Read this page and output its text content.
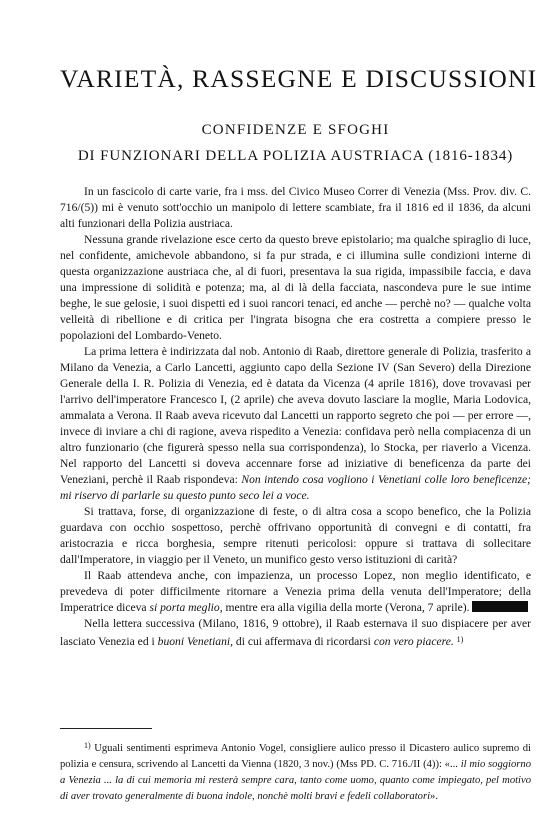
VARIETÀ, RASSEGNE E DISCUSSIONI
CONFIDENZE E SFOGHI
DI FUNZIONARI DELLA POLIZIA AUSTRIACA (1816-1834)

In un fascicolo di carte varie, fra i mss. del Civico Museo Correr di Venezia (Mss. Prov. div. C. 716/(5)) mi è venuto sott'occhio un manipolo di lettere scambiate, fra il 1816 ed il 1836, da alcuni alti funzionari della Polizia austriaca.

Nessuna grande rivelazione esce certo da questo breve epistolario; ma qualche spiraglio di luce, nel confidente, amichevole abbandono, si fa pur strada, e ci illumina sulle condizioni interne di questa organizzazione austriaca che, al di fuori, presentava la sua rigida, impassibile faccia, e dava una impressione di solidità e potenza; ma, al di là della facciata, nascondeva pure le sue intime beghe, le sue gelosie, i suoi dispetti ed i suoi rancori tenaci, ed anche — perchè no? — qualche volta velleità di ribellione e di critica per l'ingrata bisogna che era costretta a compiere presso le popolazioni del Lombardo-Veneto.

La prima lettera è indirizzata dal nob. Antonio di Raab, direttore generale di Polizia, trasferito a Milano da Venezia, a Carlo Lancetti, aggiunto capo della Sezione IV (San Severo) della Direzione Generale della I. R. Polizia di Venezia, ed è datata da Vicenza (4 aprile 1816), dove trovavasi per l'arrivo dell'imperatore Francesco I, (2 aprile) che aveva dovuto lasciare la moglie, Maria Lodovica, ammalata a Verona. Il Raab aveva ricevuto dal Lancetti un rapporto segreto che poi — per errore —, invece di inviare a chi di ragione, aveva rispedito a Venezia: confidava però nella compiacenza di un altro funzionario (che figurerà spesso nella sua corrispondenza), lo Stocka, per riaverlo a Vicenza. Nel rapporto del Lancetti si doveva accennare forse ad iniziative di beneficenza da parte dei Veneziani, perchè il Raab rispondeva: Non intendo cosa vogliono i Venetiani colle loro beneficenze; mi riservo di parlarle su questo punto seco lei a voce.

Si trattava, forse, di organizzazione di feste, o di altra cosa a scopo benefico, che la Polizia guardava con occhio sospettoso, perchè offrivano opportunità di convegni e di contatti, fra aristocrazia e ricca borghesia, sempre ritenuti pericolosi: oppure si trattava di sollecitare dall'Imperatore, in viaggio per il Veneto, un munifico gesto verso istituzioni di carità?

Il Raab attendeva anche, con impazienza, un processo Lopez, non meglio identificato, e prevedeva di poter difficilmente ritornare a Venezia prima della venuta dell'Imperatore; della Imperatrice diceva si porta meglio, mentre era alla vigilia della morte (Verona, 7 aprile).

Nella lettera successiva (Milano, 1816, 9 ottobre), il Raab esternava il suo dispiacere per aver lasciato Venezia ed i buoni Venetiani, di cui affermava di ricordarsi con vero piacere. $^{1)}$

$^{1)}$ Uguali sentimenti esprimeva Antonio Vogel, consigliere aulico presso il Dicastero aulico supremo di polizia e censura, scrivendo al Lancetti da Vienna (1820, 3 nov.) (Mss PD. C. 716./II (4)): «... il mio soggiorno a Venezia ... la di cui memoria mi resterà sempre cara, tanto come uomo, quanto come impiegato, pel motivo di aver trovato generalmente di buona indole, nonchè molti bravi e fedeli collaboratori».
